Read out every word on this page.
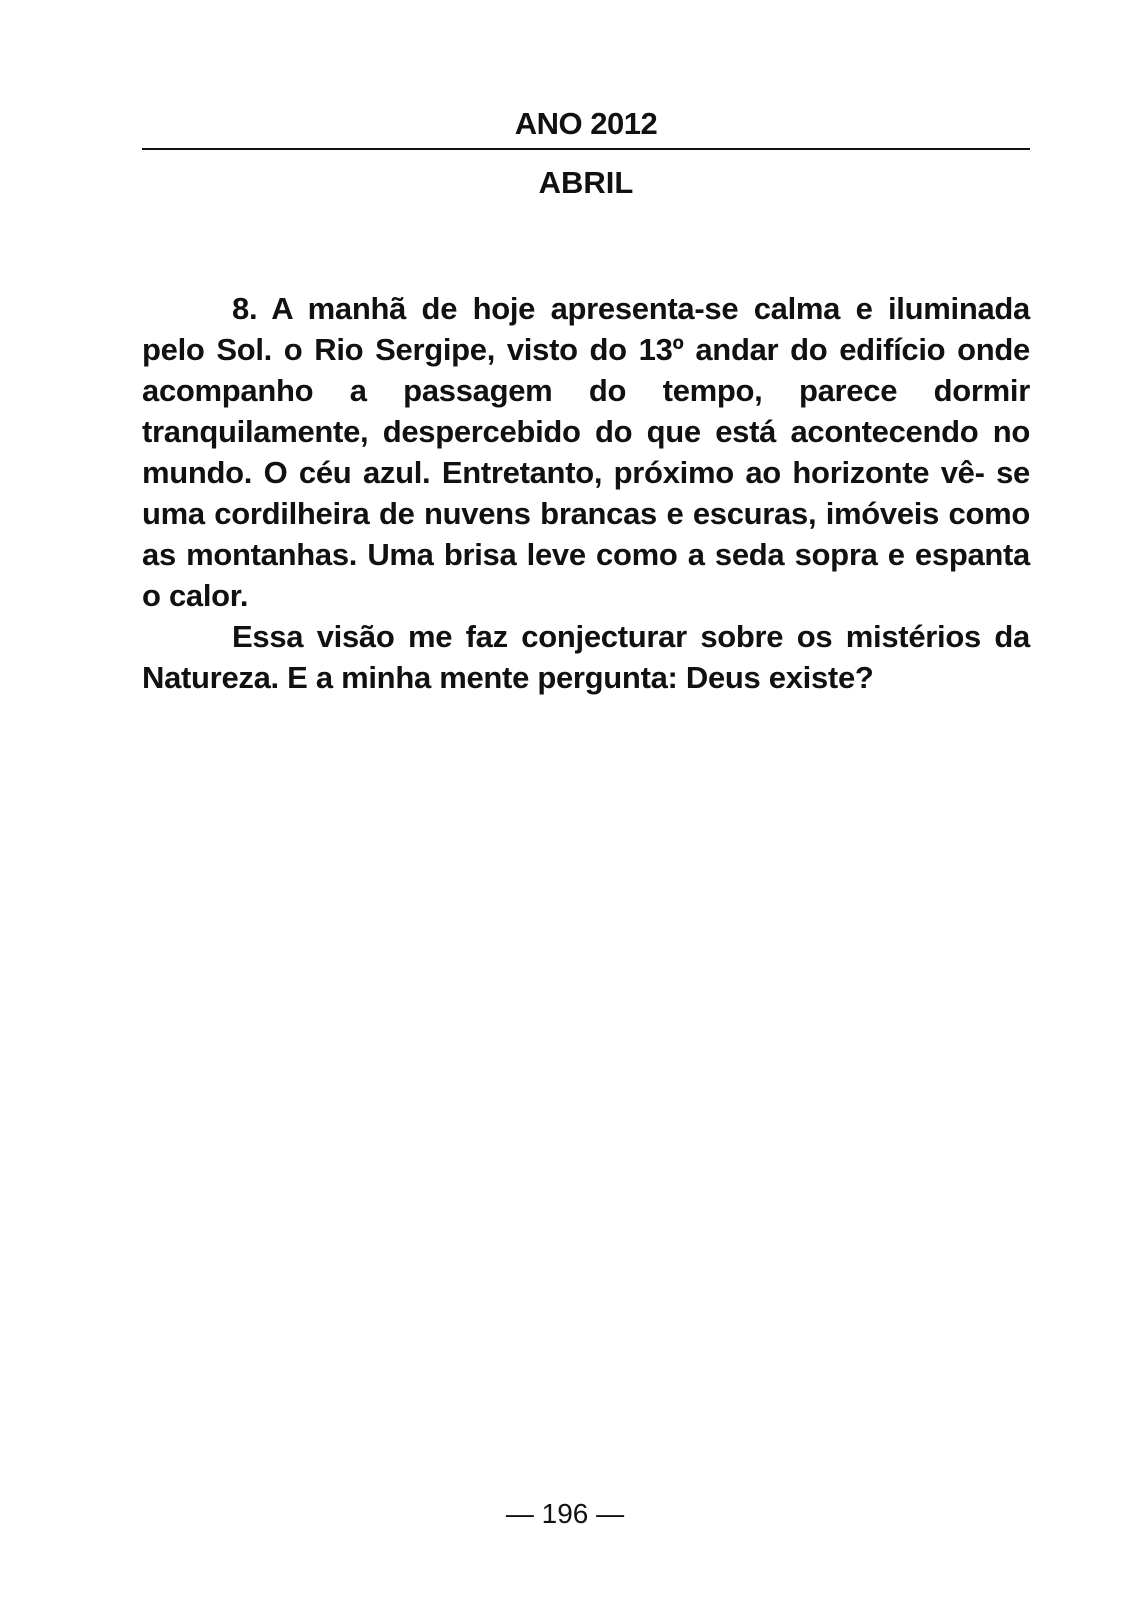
ANO 2012
ABRIL

8. A manhã de hoje apresenta-se calma e iluminada pelo Sol. o Rio Sergipe, visto do 13º andar do edifício onde acompanho a passagem do tempo, parece dormir tranquilamente, despercebido do que está acontecendo no mundo. O céu azul. Entretanto, próximo ao horizonte vê- se uma cordilheira de nuvens brancas e escuras, imóveis como as montanhas. Uma brisa leve como a seda sopra e espanta o calor.

Essa visão me faz conjecturar sobre os mistérios da Natureza. E a minha mente pergunta: Deus existe?

— 196 —
